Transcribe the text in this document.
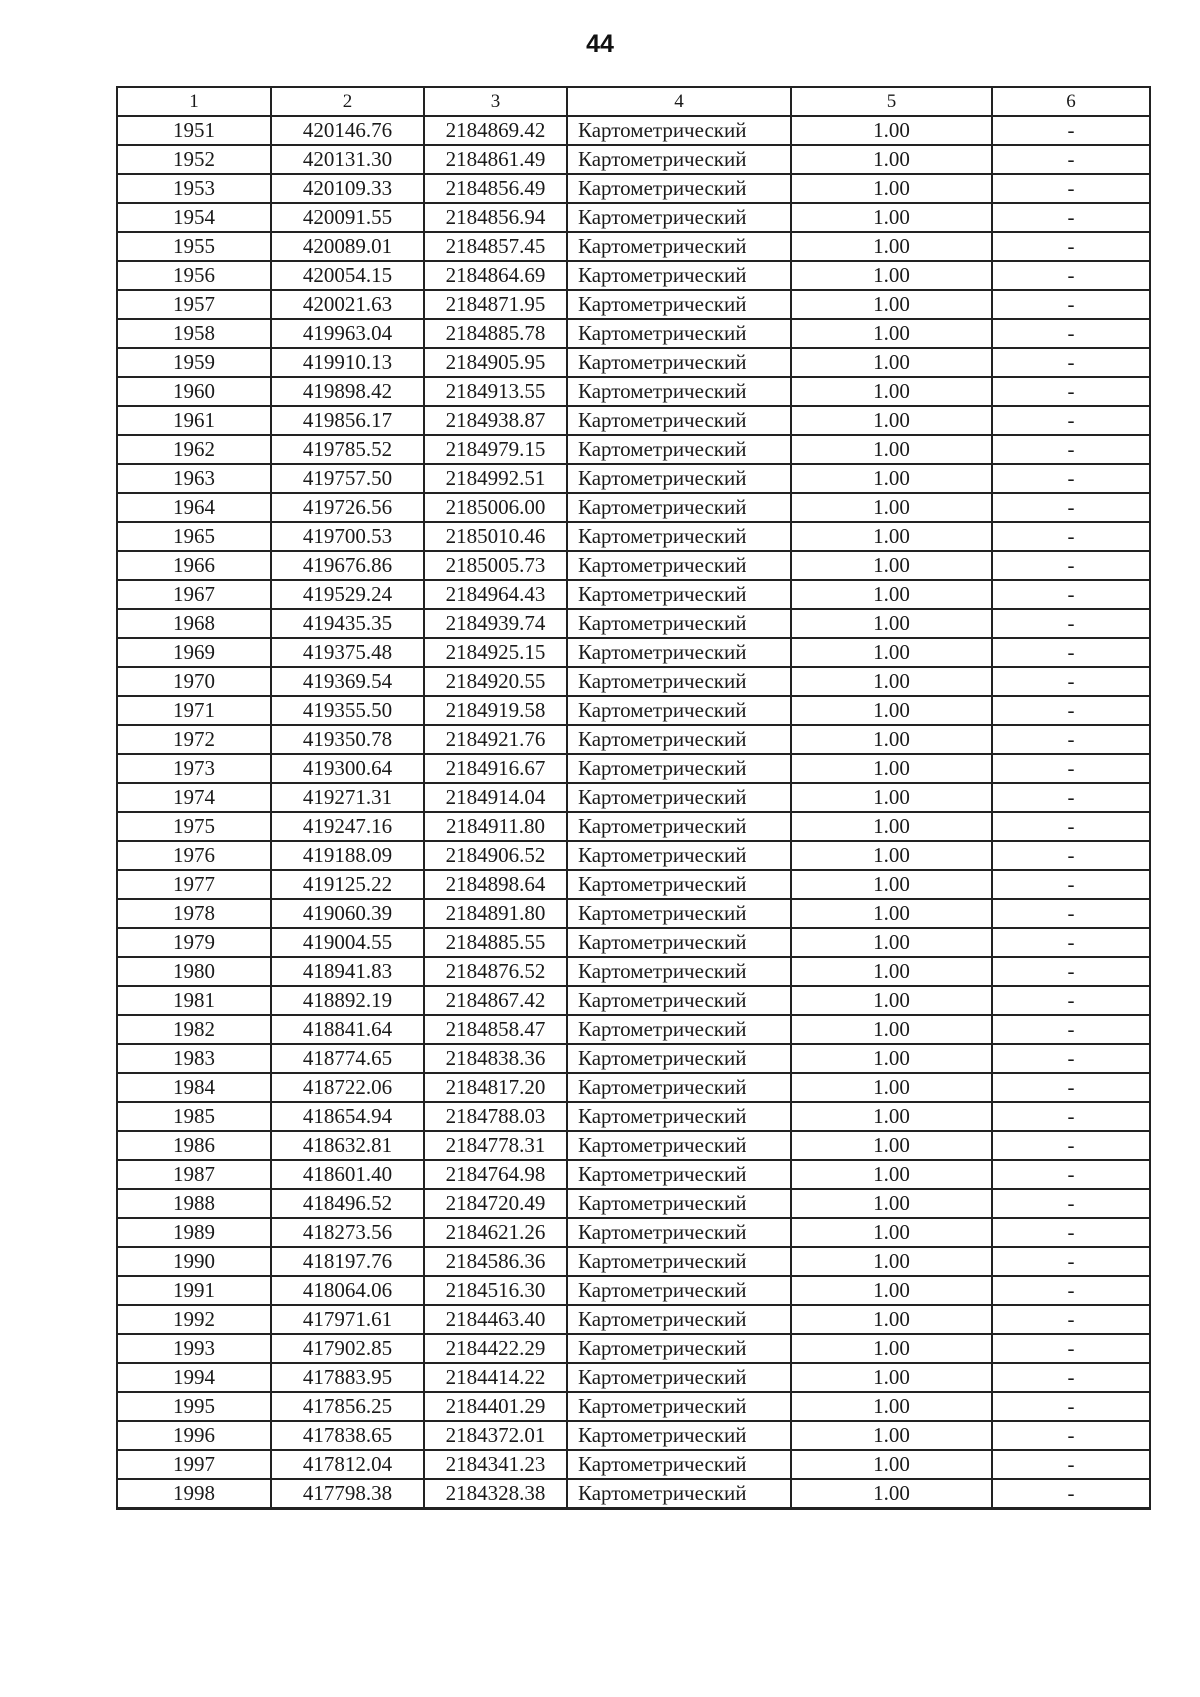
44
1	2	3	4	5	6
1951	420146.76	2184869.42	Картометрический	1.00	-
1952	420131.30	2184861.49	Картометрический	1.00	-
1953	420109.33	2184856.49	Картометрический	1.00	-
1954	420091.55	2184856.94	Картометрический	1.00	-
1955	420089.01	2184857.45	Картометрический	1.00	-
1956	420054.15	2184864.69	Картометрический	1.00	-
1957	420021.63	2184871.95	Картометрический	1.00	-
1958	419963.04	2184885.78	Картометрический	1.00	-
1959	419910.13	2184905.95	Картометрический	1.00	-
1960	419898.42	2184913.55	Картометрический	1.00	-
1961	419856.17	2184938.87	Картометрический	1.00	-
1962	419785.52	2184979.15	Картометрический	1.00	-
1963	419757.50	2184992.51	Картометрический	1.00	-
1964	419726.56	2185006.00	Картометрический	1.00	-
1965	419700.53	2185010.46	Картометрический	1.00	-
1966	419676.86	2185005.73	Картометрический	1.00	-
1967	419529.24	2184964.43	Картометрический	1.00	-
1968	419435.35	2184939.74	Картометрический	1.00	-
1969	419375.48	2184925.15	Картометрический	1.00	-
1970	419369.54	2184920.55	Картометрический	1.00	-
1971	419355.50	2184919.58	Картометрический	1.00	-
1972	419350.78	2184921.76	Картометрический	1.00	-
1973	419300.64	2184916.67	Картометрический	1.00	-
1974	419271.31	2184914.04	Картометрический	1.00	-
1975	419247.16	2184911.80	Картометрический	1.00	-
1976	419188.09	2184906.52	Картометрический	1.00	-
1977	419125.22	2184898.64	Картометрический	1.00	-
1978	419060.39	2184891.80	Картометрический	1.00	-
1979	419004.55	2184885.55	Картометрический	1.00	-
1980	418941.83	2184876.52	Картометрический	1.00	-
1981	418892.19	2184867.42	Картометрический	1.00	-
1982	418841.64	2184858.47	Картометрический	1.00	-
1983	418774.65	2184838.36	Картометрический	1.00	-
1984	418722.06	2184817.20	Картометрический	1.00	-
1985	418654.94	2184788.03	Картометрический	1.00	-
1986	418632.81	2184778.31	Картометрический	1.00	-
1987	418601.40	2184764.98	Картометрический	1.00	-
1988	418496.52	2184720.49	Картометрический	1.00	-
1989	418273.56	2184621.26	Картометрический	1.00	-
1990	418197.76	2184586.36	Картометрический	1.00	-
1991	418064.06	2184516.30	Картометрический	1.00	-
1992	417971.61	2184463.40	Картометрический	1.00	-
1993	417902.85	2184422.29	Картометрический	1.00	-
1994	417883.95	2184414.22	Картометрический	1.00	-
1995	417856.25	2184401.29	Картометрический	1.00	-
1996	417838.65	2184372.01	Картометрический	1.00	-
1997	417812.04	2184341.23	Картометрический	1.00	-
1998	417798.38	2184328.38	Картометрический	1.00	-
